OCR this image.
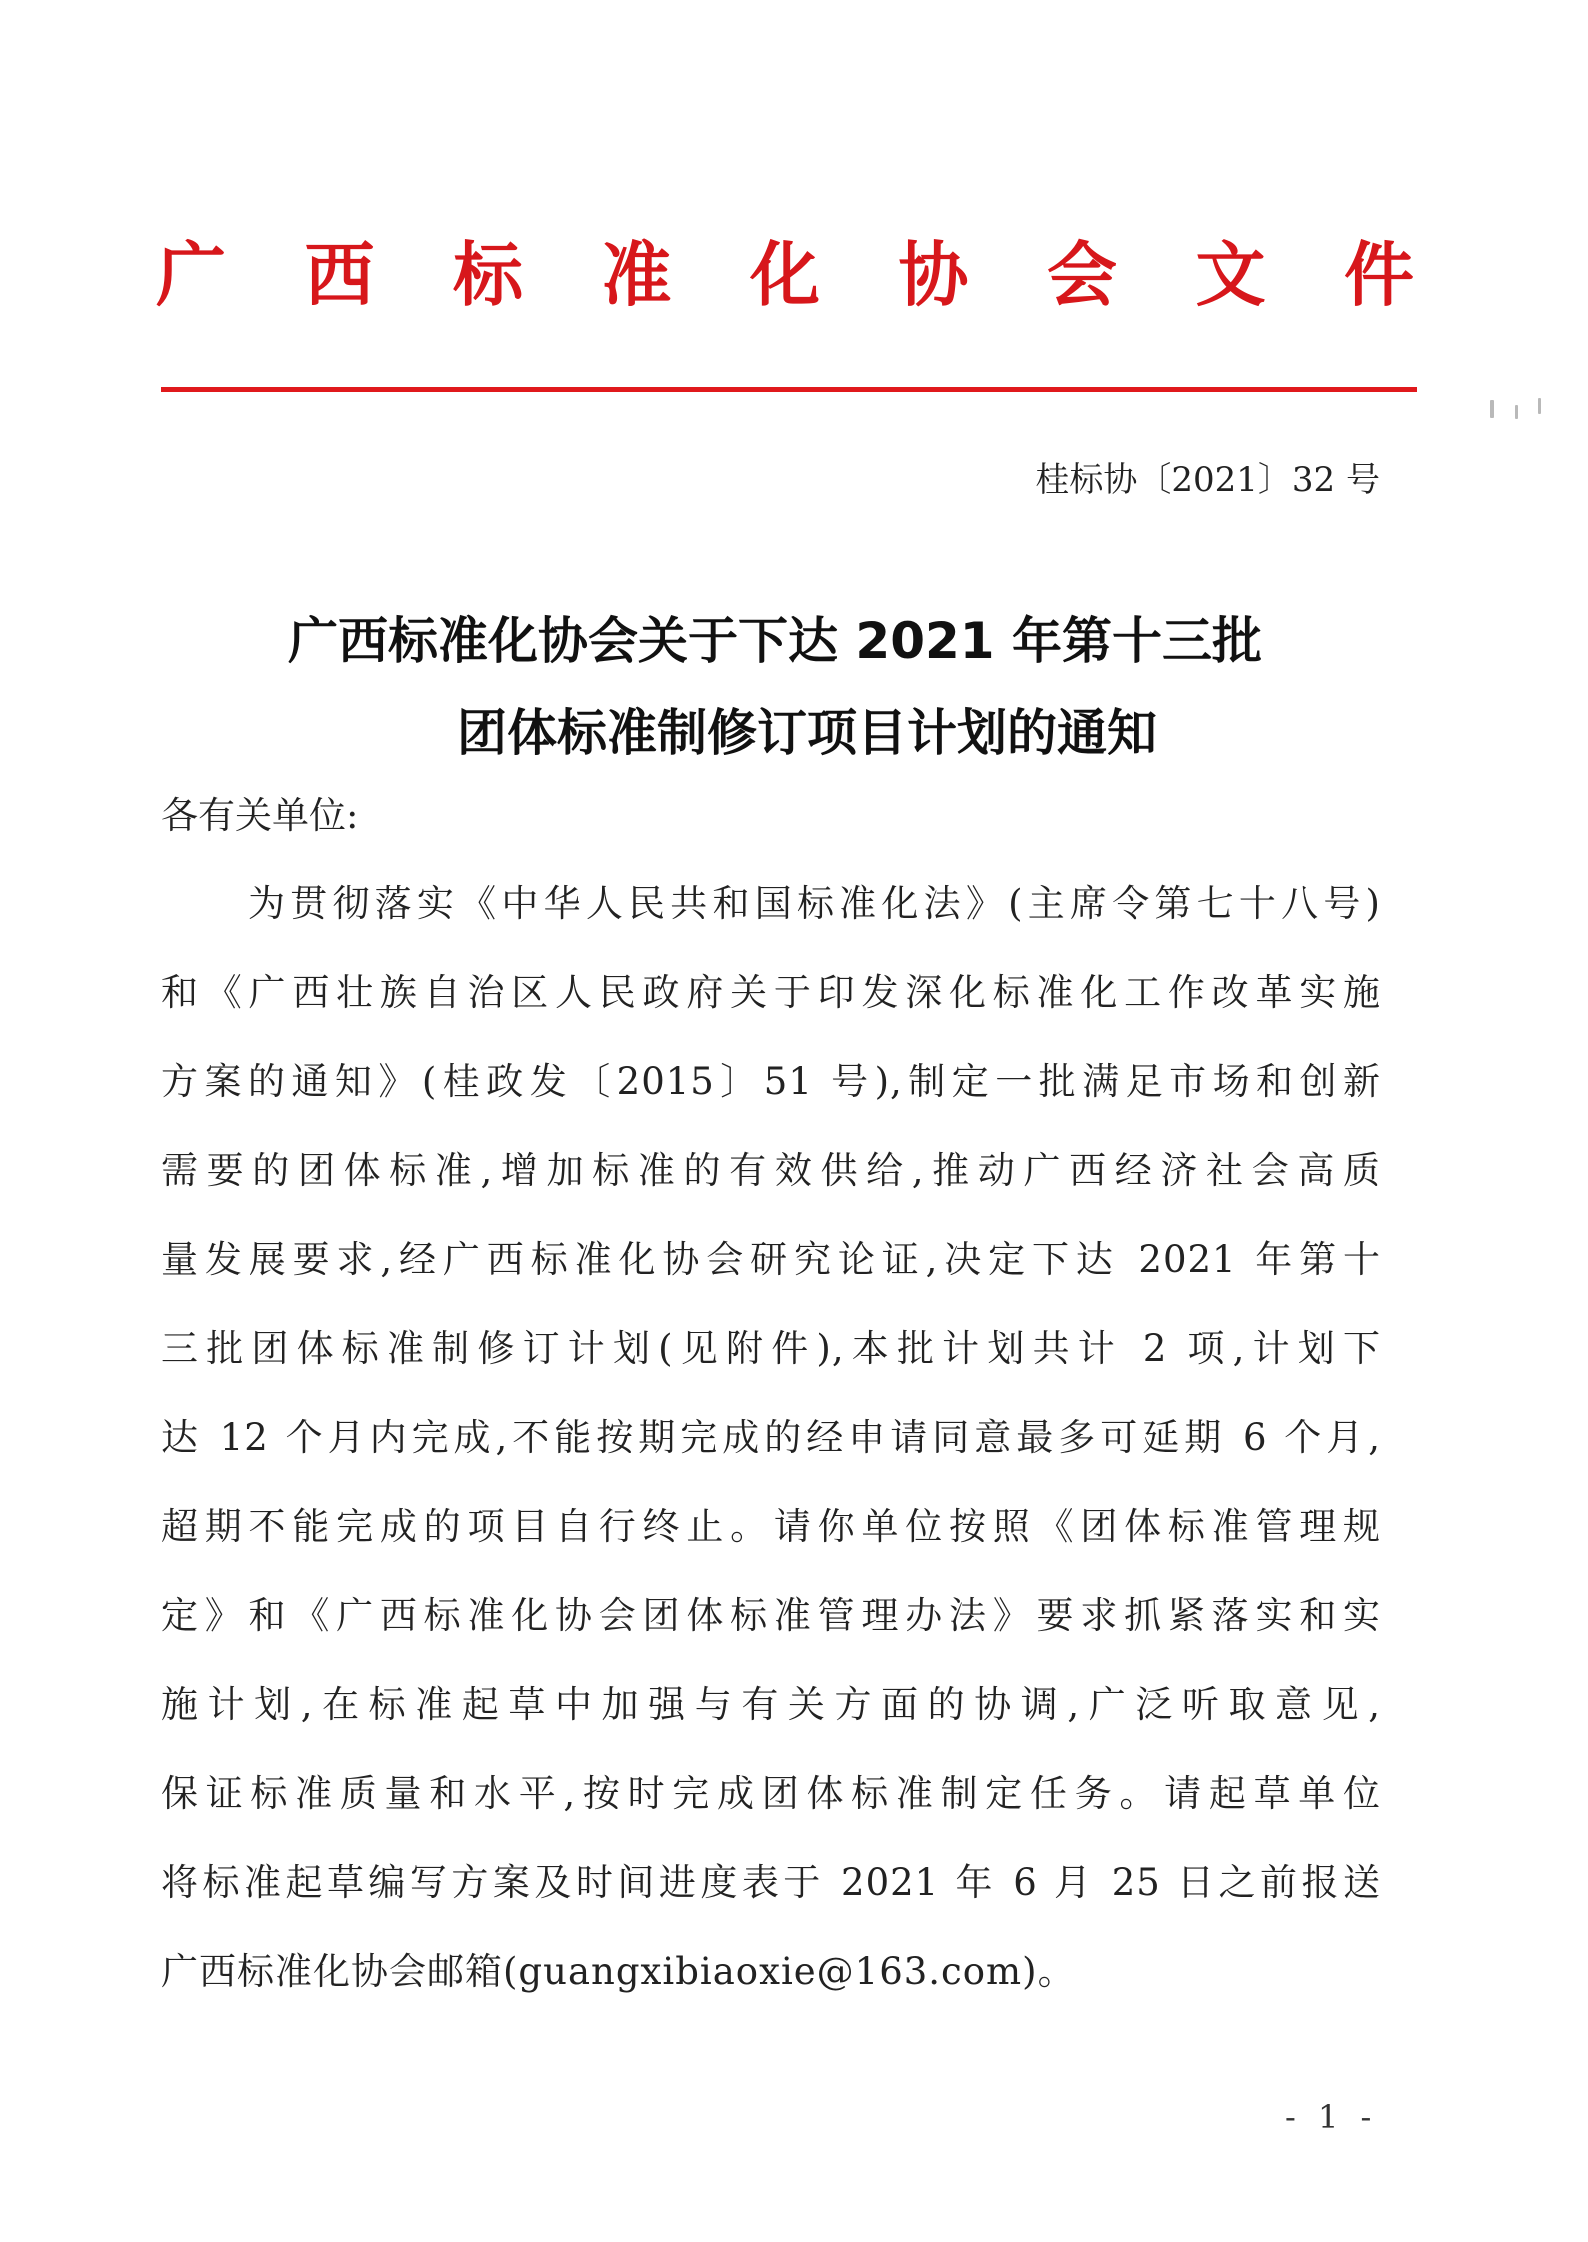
广 西 标 准 化 协 会 文 件
桂标协〔2021〕32 号
广西标准化协会关于下达 2021 年第十三批
团体标准制修订项目计划的通知
各有关单位:
为贯彻落实《中华人民共和国标准化法》(主席令第七十八号)
和《广西壮族自治区人民政府关于印发深化标准化工作改革实施
方案的通知》(桂政发〔2015〕51 号),制定一批满足市场和创新
需要的团体标准,增加标准的有效供给,推动广西经济社会高质
量发展要求,经广西标准化协会研究论证,决定下达 2021 年第十
三批团体标准制修订计划(见附件),本批计划共计 2 项,计划下
达 12 个月内完成,不能按期完成的经申请同意最多可延期 6 个月,
超期不能完成的项目自行终止。请你单位按照《团体标准管理规
定》和《广西标准化协会团体标准管理办法》要求抓紧落实和实
施计划,在标准起草中加强与有关方面的协调,广泛听取意见,
保证标准质量和水平,按时完成团体标准制定任务。请起草单位
将标准起草编写方案及时间进度表于 2021 年 6 月 25 日之前报送
广西标准化协会邮箱(guangxibiaoxie@163.com)。
- 1 -
